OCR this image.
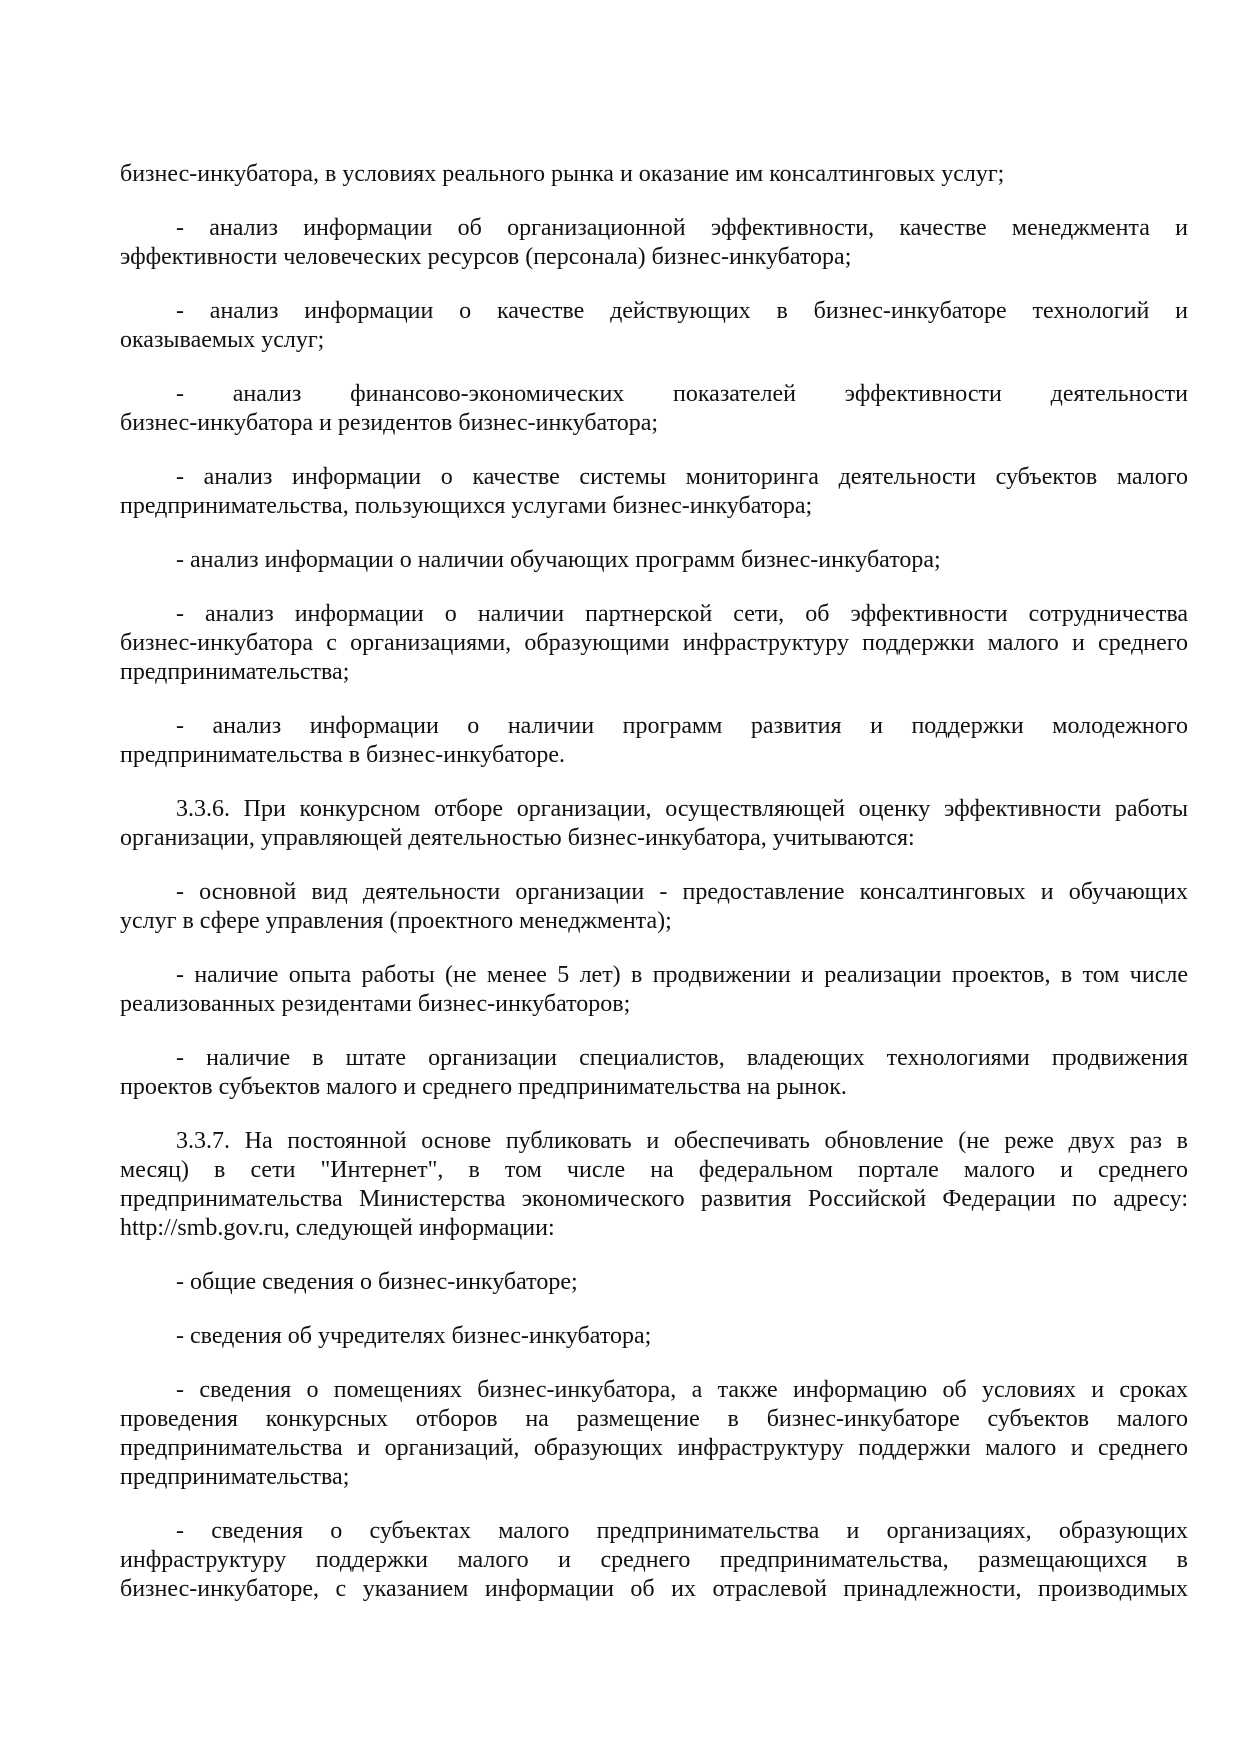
бизнес-инкубатора, в условиях реального рынка и оказание им консалтинговых услуг;
- анализ информации об организационной эффективности, качестве менеджмента и
эффективности человеческих ресурсов (персонала) бизнес-инкубатора;
- анализ информации о качестве действующих в бизнес-инкубаторе технологий и
оказываемых услуг;
- анализ финансово-экономических показателей эффективности деятельности
бизнес-инкубатора и резидентов бизнес-инкубатора;
- анализ информации о качестве системы мониторинга деятельности субъектов малого
предпринимательства, пользующихся услугами бизнес-инкубатора;
- анализ информации о наличии обучающих программ бизнес-инкубатора;
- анализ информации о наличии партнерской сети, об эффективности сотрудничества
бизнес-инкубатора с организациями, образующими инфраструктуру поддержки малого и среднего
предпринимательства;
- анализ информации о наличии программ развития и поддержки молодежного
предпринимательства в бизнес-инкубаторе.
3.3.6. При конкурсном отборе организации, осуществляющей оценку эффективности работы
организации, управляющей деятельностью бизнес-инкубатора, учитываются:
- основной вид деятельности организации - предоставление консалтинговых и обучающих
услуг в сфере управления (проектного менеджмента);
- наличие опыта работы (не менее 5 лет) в продвижении и реализации проектов, в том числе
реализованных резидентами бизнес-инкубаторов;
- наличие в штате организации специалистов, владеющих технологиями продвижения
проектов субъектов малого и среднего предпринимательства на рынок.
3.3.7. На постоянной основе публиковать и обеспечивать обновление (не реже двух раз в
месяц) в сети "Интернет", в том числе на федеральном портале малого и среднего
предпринимательства Министерства экономического развития Российской Федерации по адресу:
http://smb.gov.ru, следующей информации:
- общие сведения о бизнес-инкубаторе;
- сведения об учредителях бизнес-инкубатора;
- сведения о помещениях бизнес-инкубатора, а также информацию об условиях и сроках
проведения конкурсных отборов на размещение в бизнес-инкубаторе субъектов малого
предпринимательства и организаций, образующих инфраструктуру поддержки малого и среднего
предпринимательства;
- сведения о субъектах малого предпринимательства и организациях, образующих
инфраструктуру поддержки малого и среднего предпринимательства, размещающихся в
бизнес-инкубаторе, с указанием информации об их отраслевой принадлежности, производимых
